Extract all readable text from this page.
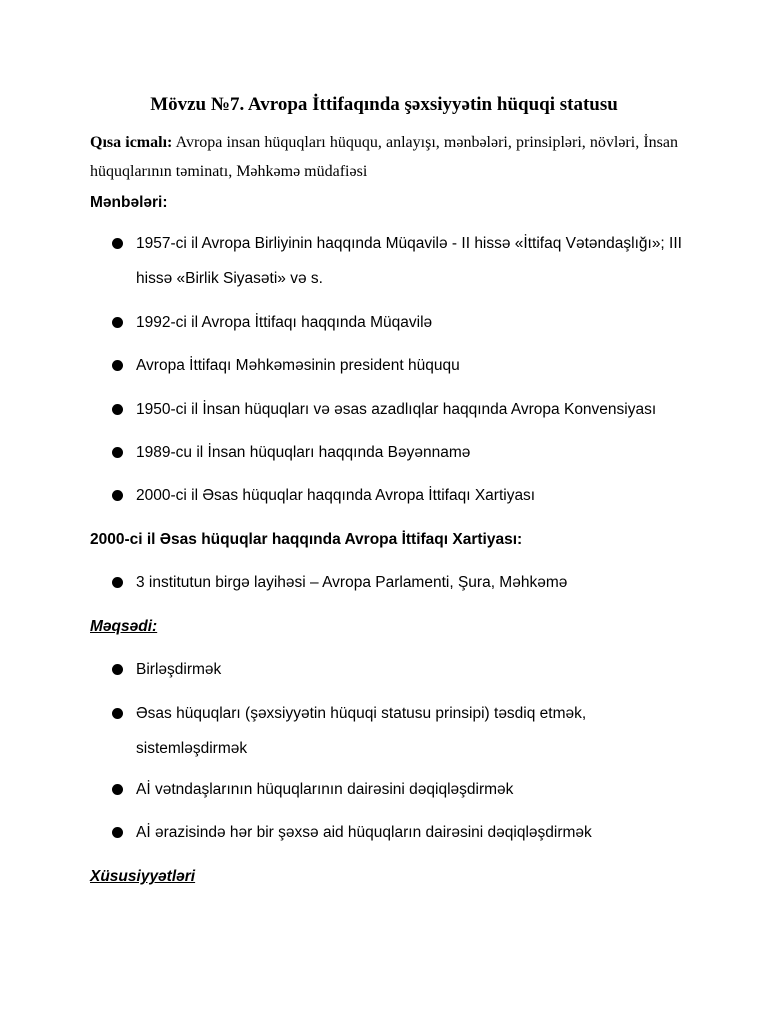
Mövzu №7. Avropa İttifaqında şəxsiyyətin hüquqi statusu

Qısa icmalı: Avropa insan hüquqları hüququ, anlayışı, mənbələri, prinsipləri, növləri, İnsan hüquqlarının təminatı, Məhkəmə müdafiəsi

Mənbələri:

1957-ci il Avropa Birliyinin haqqında Müqavilə - II hissə «İttifaq Vətəndaşlığı»; III hissə «Birlik Siyasəti» və s.
1992-ci il Avropa İttifaqı haqqında Müqavilə
Avropa İttifaqı Məhkəməsinin president hüququ
1950-ci il İnsan hüquqları və əsas azadlıqlar haqqında Avropa Konvensiyası
1989-cu il İnsan hüquqları haqqında Bəyənnamə
2000-ci il Əsas hüquqlar haqqında Avropa İttifaqı Xartiyası

2000-ci il Əsas hüquqlar haqqında Avropa İttifaqı Xartiyası:

3 institutun birgə layihəsi – Avropa Parlamenti, Şura, Məhkəmə

Məqsədi:

Birləşdirmək
Əsas hüquqları (şəxsiyyətin hüquqi statusu prinsipi) təsdiq etmək, sistemləşdirmək
Aİ vətndaşlarının hüquqlarının dairəsini dəqiqləşdirmək
Aİ ərazisində hər bir şəxsə aid hüquqların dairəsini dəqiqləşdirmək

Xüsusiyyətləri
